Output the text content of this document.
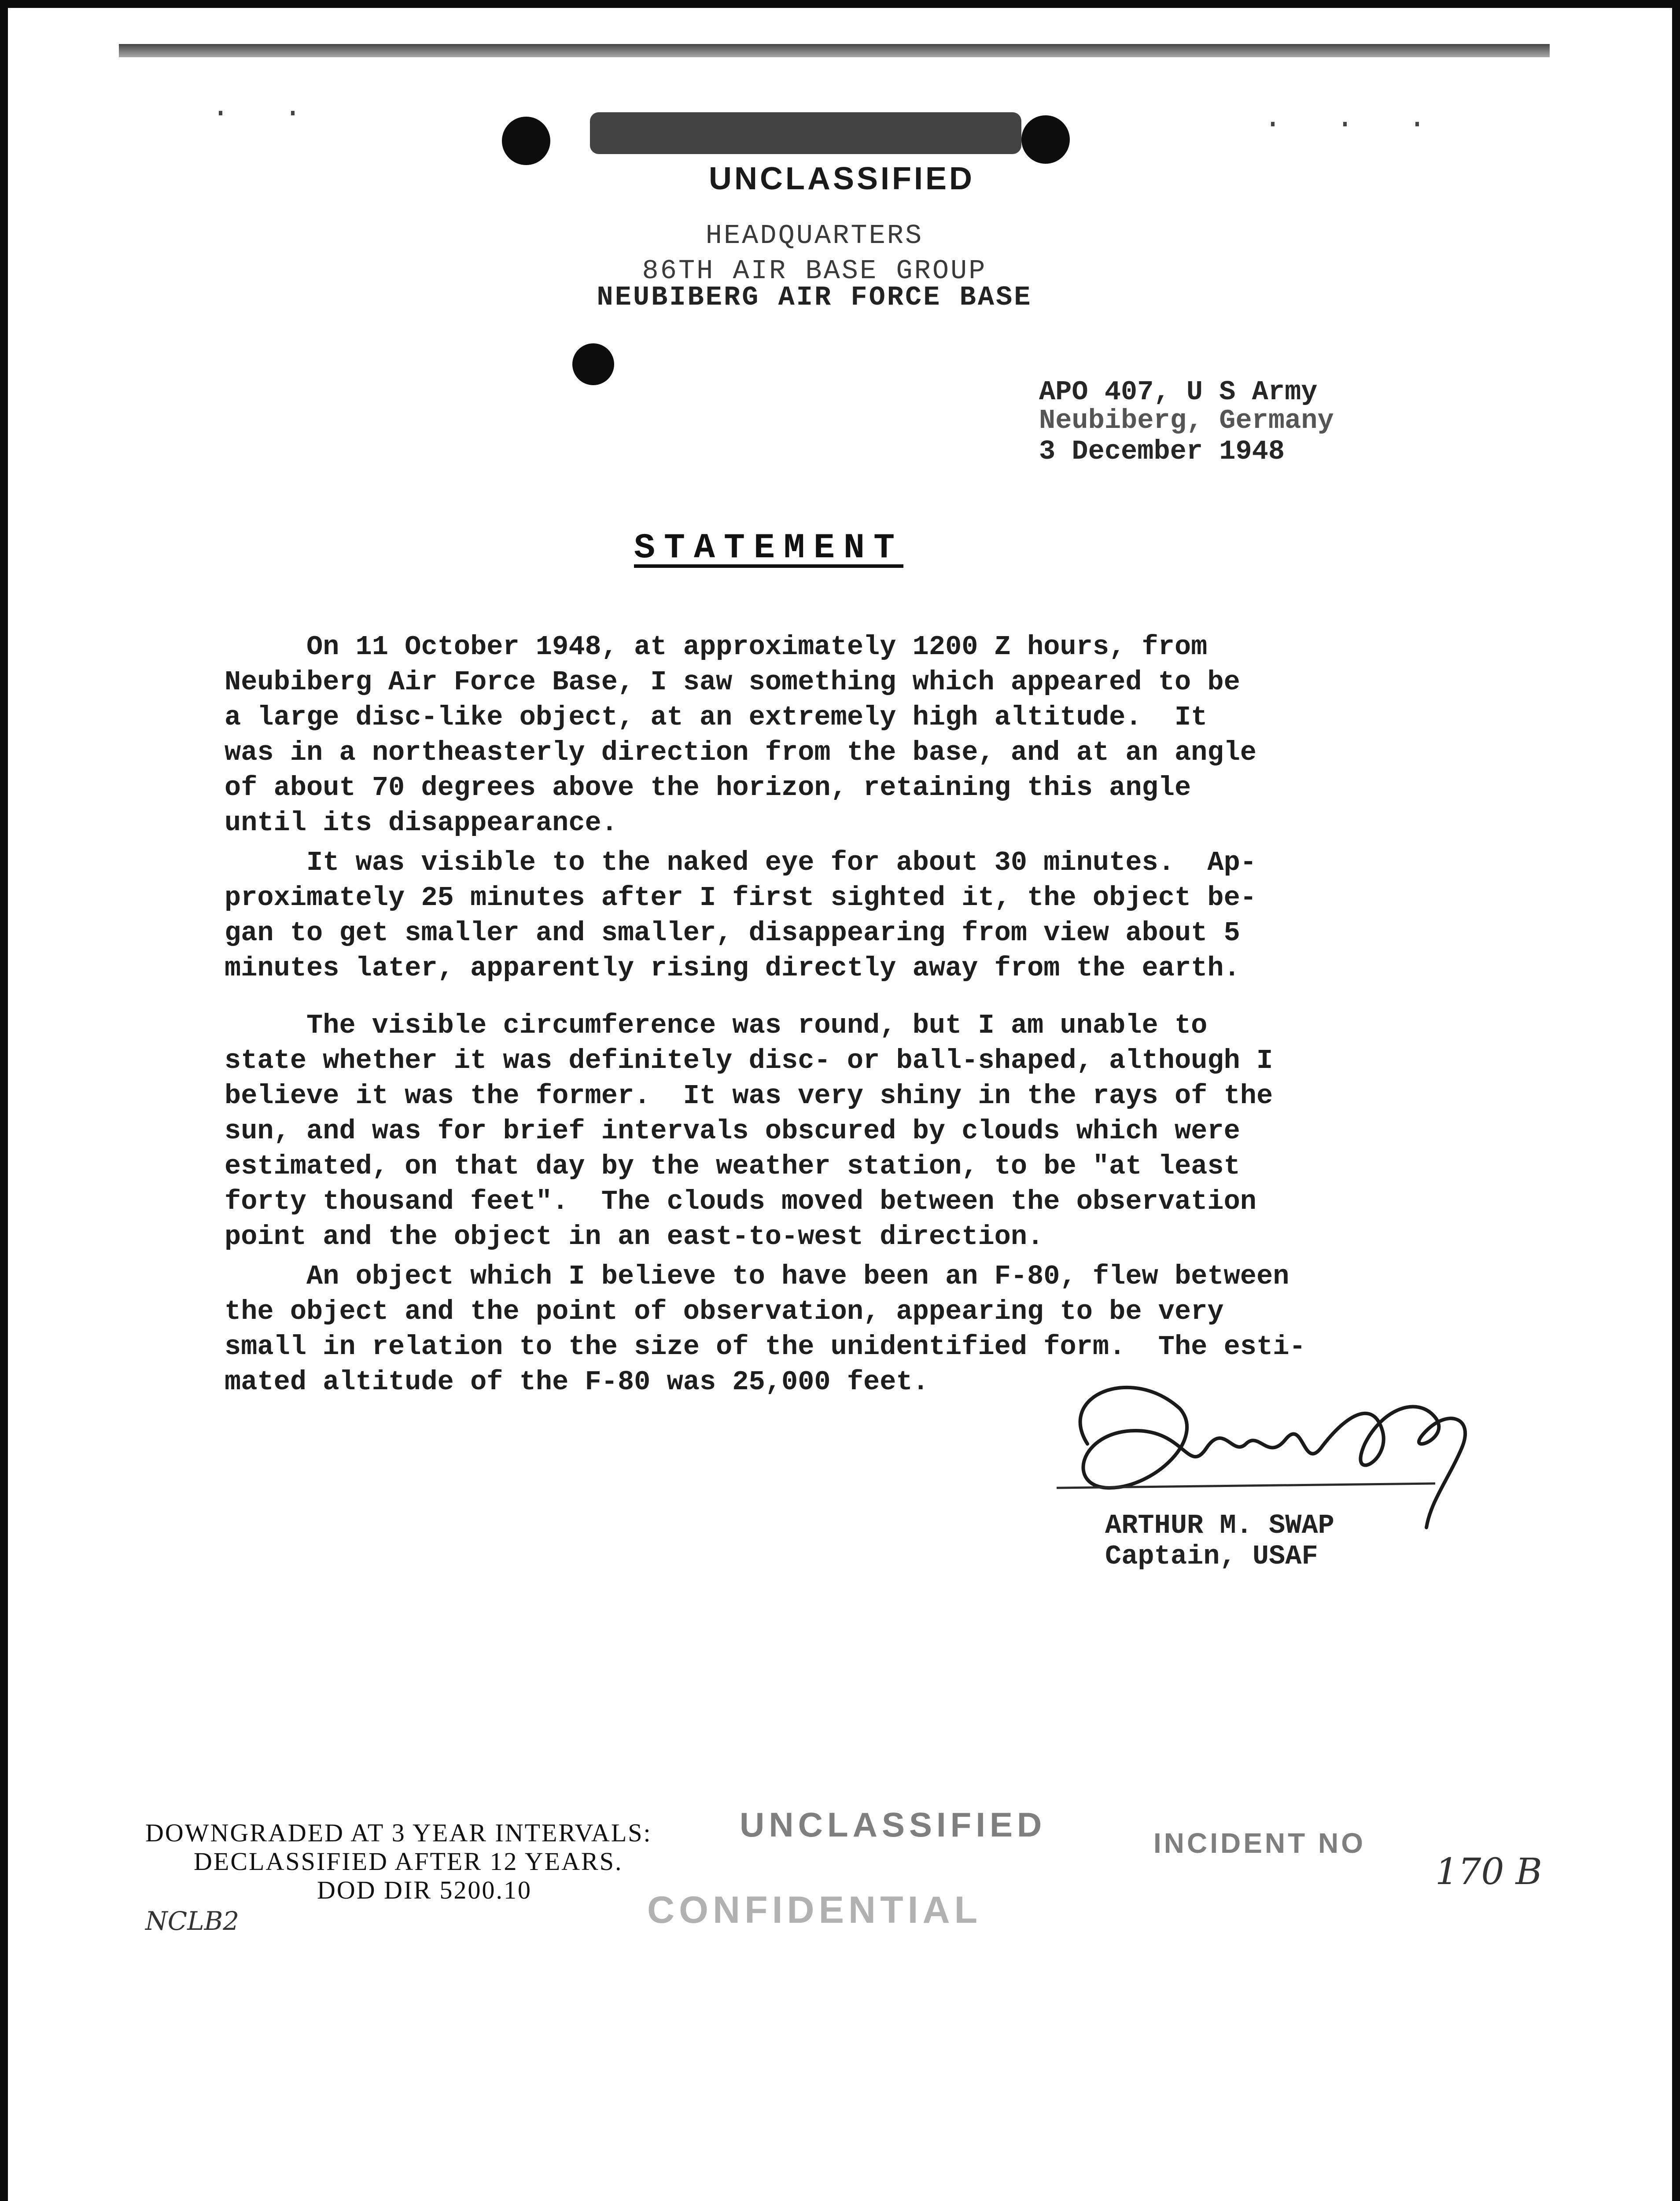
. .	. . .
UNCLASSIFIED
HEADQUARTERS
86TH AIR BASE GROUP
NEUBIBERG AIR FORCE BASE
APO 407, U S Army
Neubiberg, Germany
3 December 1948
STATEMENT
On 11 October 1948, at approximately 1200 Z hours, from
Neubiberg Air Force Base, I saw something which appeared to be
a large disc-like object, at an extremely high altitude.  It
was in a northeasterly direction from the base, and at an angle
of about 70 degrees above the horizon, retaining this angle
until its disappearance.
It was visible to the naked eye for about 30 minutes.  Ap-
proximately 25 minutes after I first sighted it, the object be-
gan to get smaller and smaller, disappearing from view about 5
minutes later, apparently rising directly away from the earth.
The visible circumference was round, but I am unable to
state whether it was definitely disc- or ball-shaped, although I
believe it was the former.  It was very shiny in the rays of the
sun, and was for brief intervals obscured by clouds which were
estimated, on that day by the weather station, to be "at least
forty thousand feet".  The clouds moved between the observation
point and the object in an east-to-west direction.
An object which I believe to have been an F-80, flew between
the object and the point of observation, appearing to be very
small in relation to the size of the unidentified form.  The esti-
mated altitude of the F-80 was 25,000 feet.
ARTHUR M. SWAP
Captain, USAF
DOWNGRADED AT 3 YEAR INTERVALS:
DECLASSIFIED AFTER 12 YEARS.
DOD DIR 5200.10
UNCLASSIFIED
CONFIDENTIAL
INCIDENT NO
170 B
NCLB2
